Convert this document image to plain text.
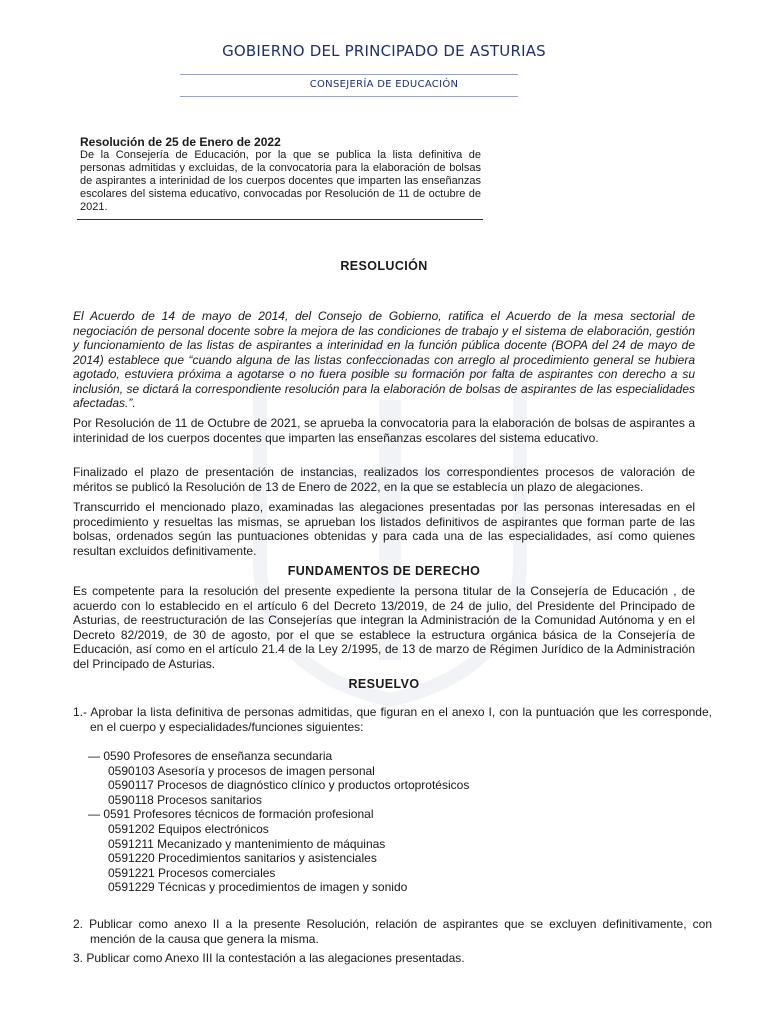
GOBIERNO DEL PRINCIPADO DE ASTURIAS
CONSEJERÍA DE EDUCACIÓN
Resolución de 25 de Enero de 2022
De la Consejería de Educación, por la que se publica la lista definitiva de personas admitidas y excluidas, de la convocatoria para la elaboración de bolsas de aspirantes a interinidad de los cuerpos docentes que imparten las enseñanzas escolares del sistema educativo, convocadas por Resolución de 11 de octubre de 2021.
RESOLUCIÓN

El Acuerdo de 14 de mayo de 2014, del Consejo de Gobierno, ratifica el Acuerdo de la mesa sectorial de negociación de personal docente sobre la mejora de las condiciones de trabajo y el sistema de elaboración, gestión y funcionamiento de las listas de aspirantes a interinidad en la función pública docente (BOPA del 24 de mayo de 2014) establece que “cuando alguna de las listas confeccionadas con arreglo al procedimiento general se hubiera agotado, estuviera próxima a agotarse o no fuera posible su formación por falta de aspirantes con derecho a su inclusión, se dictará la correspondiente resolución para la elaboración de bolsas de aspirantes de las especialidades afectadas.”.

Por Resolución de 11 de Octubre de 2021, se aprueba la convocatoria para la elaboración de bolsas de aspirantes a interinidad de los cuerpos docentes que imparten las enseñanzas escolares del sistema educativo.

Finalizado el plazo de presentación de instancias, realizados los correspondientes procesos de valoración de méritos se publicó la Resolución de 13 de Enero de 2022, en la que se establecía un plazo de alegaciones.

Transcurrido el mencionado plazo, examinadas las alegaciones presentadas por las personas interesadas en el procedimiento y resueltas las mismas, se aprueban los listados definitivos de aspirantes que forman parte de las bolsas, ordenados según las puntuaciones obtenidas y para cada una de las especialidades, así como quienes resultan excluidos definitivamente.

FUNDAMENTOS DE DERECHO

Es competente para la resolución del presente expediente la persona titular de la Consejería de Educación , de acuerdo con lo establecido en el artículo 6 del Decreto 13/2019, de 24 de julio, del Presidente del Principado de Asturias, de reestructuración de las Consejerías que integran la Administración de la Comunidad Autónoma y en el Decreto 82/2019, de 30 de agosto, por el que se establece la estructura orgánica básica de la Consejería de Educación, así como en el artículo 21.4 de la Ley 2/1995, de 13 de marzo de Régimen Jurídico de la Administración del Principado de Asturias.

RESUELVO

1.- Aprobar la lista definitiva de personas admitidas, que figuran en el anexo I, con la puntuación que les corresponde, en el cuerpo y especialidades/funciones siguientes:

— 0590 Profesores de enseñanza secundaria
0590103 Asesoría y procesos de imagen personal
0590117 Procesos de diagnóstico clínico y productos ortoprotésicos
0590118 Procesos sanitarios
— 0591 Profesores técnicos de formación profesional
0591202 Equipos electrónicos
0591211 Mecanizado y mantenimiento de máquinas
0591220 Procedimientos sanitarios y asistenciales
0591221 Procesos comerciales
0591229 Técnicas y procedimientos de imagen y sonido

2. Publicar como anexo II a la presente Resolución, relación de aspirantes que se excluyen definitivamente, con mención de la causa que genera la misma.

3. Publicar como Anexo III la contestación a las alegaciones presentadas.
